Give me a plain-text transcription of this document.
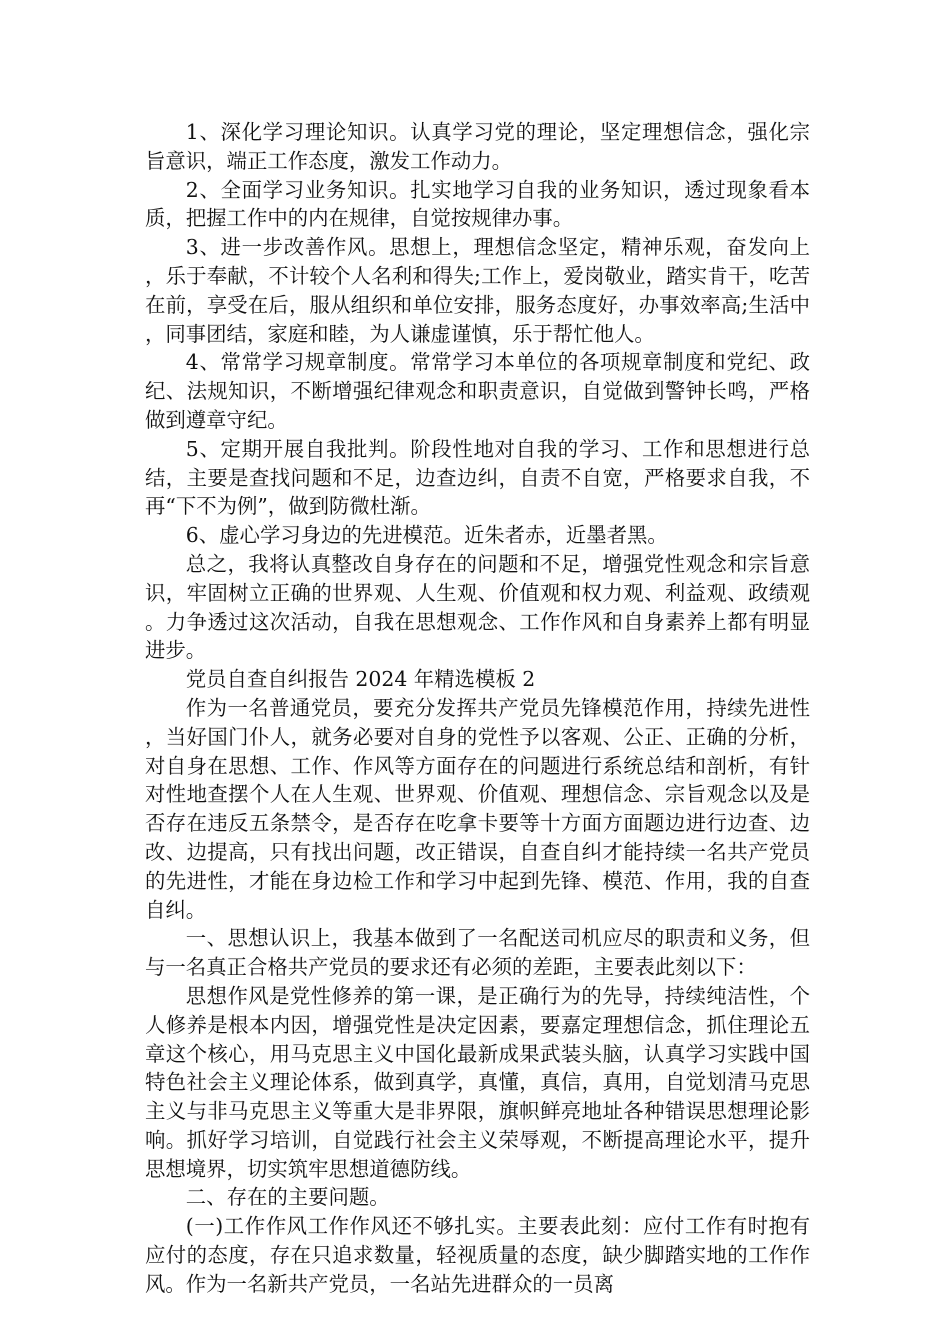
1、深化学习理论知识。认真学习党的理论，坚定理想信念，强化宗旨意识，端正工作态度，激发工作动力。

2、全面学习业务知识。扎实地学习自我的业务知识，透过现象看本质，把握工作中的内在规律，自觉按规律办事。

3、进一步改善作风。思想上，理想信念坚定，精神乐观，奋发向上，乐于奉献，不计较个人名利和得失;工作上，爱岗敬业，踏实肯干，吃苦在前，享受在后，服从组织和单位安排，服务态度好，办事效率高;生活中，同事团结，家庭和睦，为人谦虚谨慎，乐于帮忙他人。

4、常常学习规章制度。常常学习本单位的各项规章制度和党纪、政纪、法规知识，不断增强纪律观念和职责意识，自觉做到警钟长鸣，严格做到遵章守纪。

5、定期开展自我批判。阶段性地对自我的学习、工作和思想进行总结，主要是查找问题和不足，边查边纠，自责不自宽，严格要求自我，不再“下不为例”，做到防微杜渐。

6、虚心学习身边的先进模范。近朱者赤，近墨者黑。

总之，我将认真整改自身存在的问题和不足，增强党性观念和宗旨意识，牢固树立正确的世界观、人生观、价值观和权力观、利益观、政绩观。力争透过这次活动，自我在思想观念、工作作风和自身素养上都有明显进步。

党员自查自纠报告 2024 年精选模板 2

作为一名普通党员，要充分发挥共产党员先锋模范作用，持续先进性，当好国门仆人，就务必要对自身的党性予以客观、公正、正确的分析，对自身在思想、工作、作风等方面存在的问题进行系统总结和剖析，有针对性地查摆个人在人生观、世界观、价值观、理想信念、宗旨观念以及是否存在违反五条禁令，是否存在吃拿卡要等十方面方面题边进行边查、边改、边提高，只有找出问题，改正错误，自查自纠才能持续一名共产党员的先进性，才能在身边检工作和学习中起到先锋、模范、作用，我的自查自纠。

一、思想认识上，我基本做到了一名配送司机应尽的职责和义务，但与一名真正合格共产党员的要求还有必须的差距，主要表此刻以下：

思想作风是党性修养的第一课，是正确行为的先导，持续纯洁性，个人修养是根本内因，增强党性是决定因素，要嘉定理想信念，抓住理论五章这个核心，用马克思主义中国化最新成果武装头脑，认真学习实践中国特色社会主义理论体系，做到真学，真懂，真信，真用，自觉划清马克思主义与非马克思主义等重大是非界限，旗帜鲜亮地址各种错误思想理论影响。抓好学习培训，自觉践行社会主义荣辱观，不断提高理论水平，提升思想境界，切实筑牢思想道德防线。

二、存在的主要问题。

(一)工作作风工作作风还不够扎实。主要表此刻：应付工作有时抱有应付的态度，存在只追求数量，轻视质量的态度，缺少脚踏实地的工作作风。作为一名新共产党员，一名站先进群众的一员离
